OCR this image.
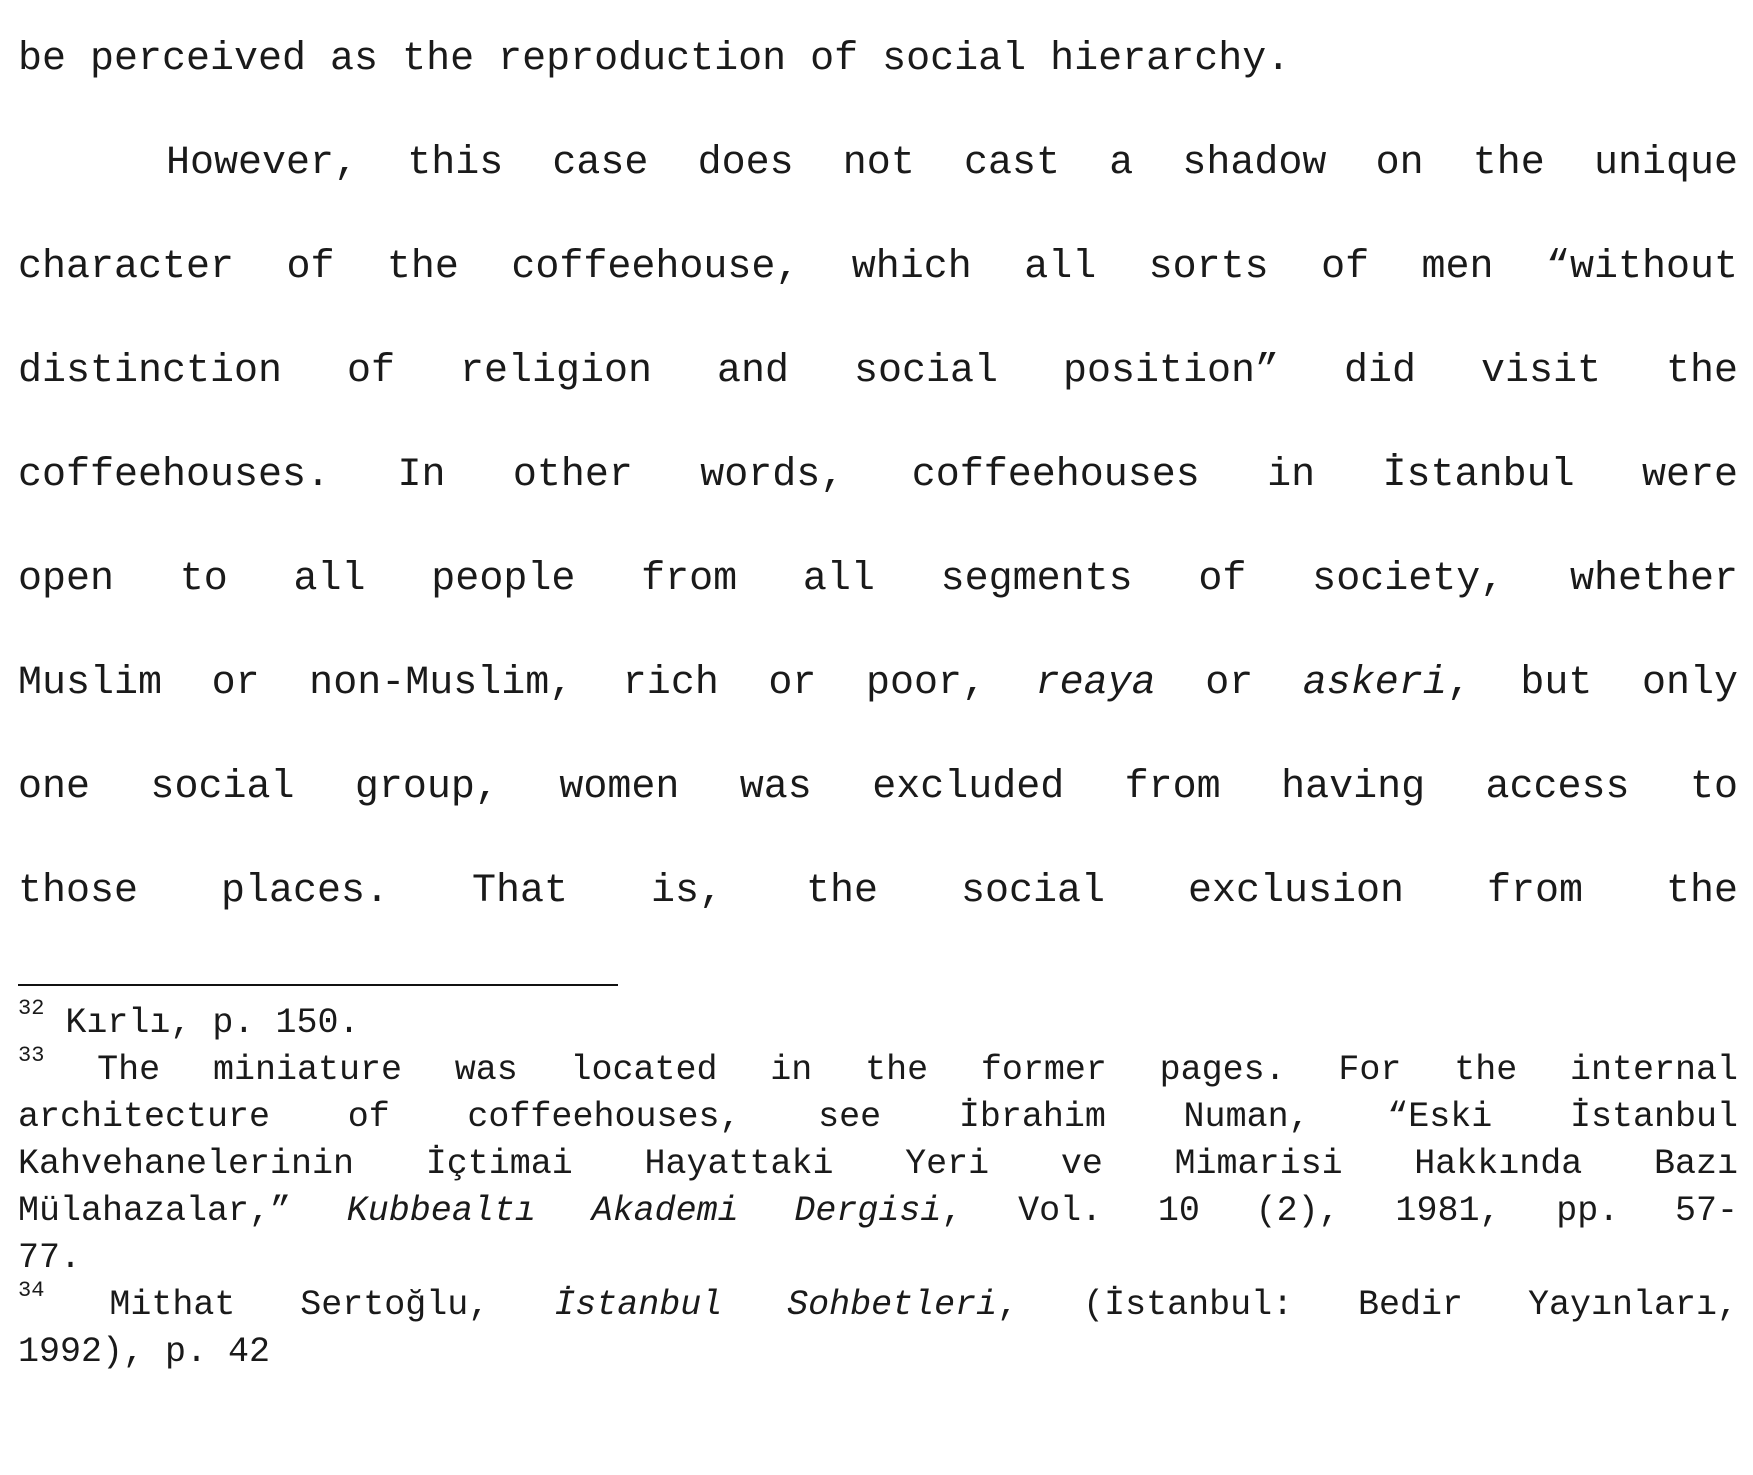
be perceived as the reproduction of social hierarchy.
However, this case does not cast a shadow on the unique
character of the coffeehouse, which all sorts of men “without
distinction of religion and social position” did visit the
coffeehouses. In other words, coffeehouses in İstanbul were
open to all people from all segments of society, whether
Muslim or non-Muslim, rich or poor, reaya or askeri, but only
one social group, women was excluded from having access to
those places. That is, the social exclusion from the
$^{32}$ Kırlı, p. 150.
$^{33}$ The miniature was located in the former pages. For the internal
architecture of coffeehouses, see İbrahim Numan, “Eski İstanbul
Kahvehanelerinin İçtimai Hayattaki Yeri ve Mimarisi Hakkında Bazı
Mülahazalar,” Kubbealtı Akademi Dergisi, Vol. 10 (2), 1981, pp. 57-
77.
$^{34}$ Mithat Sertoğlu, İstanbul Sohbetleri, (İstanbul: Bedir Yayınları,
1992), p. 42
